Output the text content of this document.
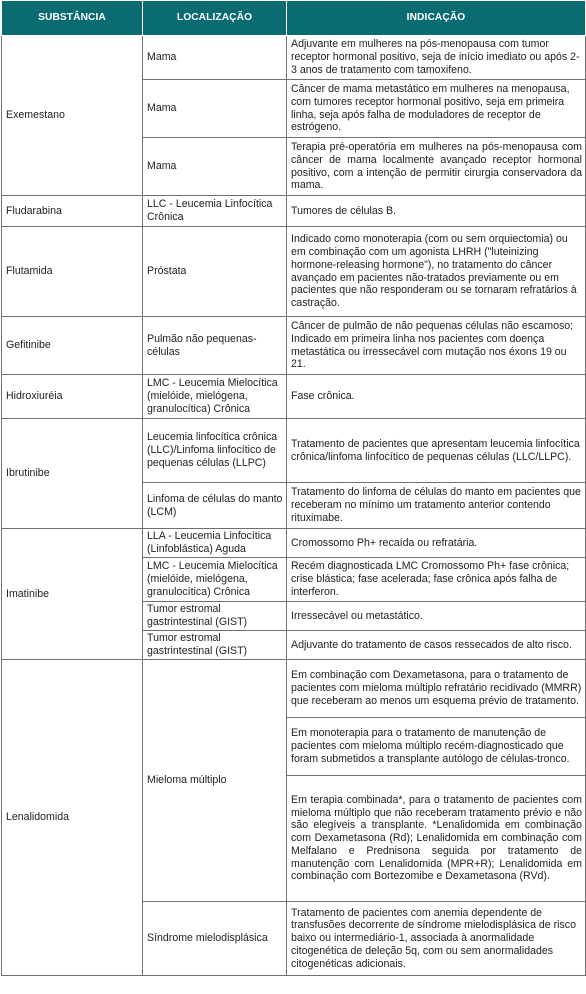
SUBSTÂNCIA	LOCALIZAÇÃO	INDICAÇÃO
Exemestano	Mama	Adjuvante em mulheres na pós-menopausa com tumor receptor hormonal positivo, seja de início imediato ou após 2-3 anos de tratamento com tamoxifeno.
	Mama	Câncer de mama metastático em mulheres na menopausa, com tumores receptor hormonal positivo, seja em primeira linha, seja após falha de moduladores de receptor de estrógeno.
	Mama	Terapia pré-operatória em mulheres na pós-menopausa com câncer de mama localmente avançado receptor hormonal positivo, com a intenção de permitir cirurgia conservadora da mama.
Fludarabina	LLC - Leucemia Linfocítica Crônica	Tumores de células B.
Flutamida	Próstata	Indicado como monoterapia (com ou sem orquiectomia) ou em combinação com um agonista LHRH ("luteinizing hormone-releasing hormone"), no tratamento do câncer avançado em pacientes não-tratados previamente ou em pacientes que não responderam ou se tornaram refratários à castração.
Gefitinibe	Pulmão não pequenas-células	Câncer de pulmão de não pequenas células não escamoso; Indicado em primeira linha nos pacientes com doença metastática ou irressecável com mutação nos éxons 19 ou 21.
Hidroxiuréia	LMC - Leucemia Mielocítica (mielóide, mielógena, granulocítica) Crônica	Fase crônica.
Ibrutinibe	Leucemia linfocítica crônica (LLC)/Linfoma linfocítico de pequenas células (LLPC)	Tratamento de pacientes que apresentam leucemia linfocítica crônica/linfoma linfocítico de pequenas células (LLC/LLPC).
	Linfoma de células do manto (LCM)	Tratamento do linfoma de células do manto em pacientes que receberam no mínimo um tratamento anterior contendo rituximabe.
Imatinibe	LLA - Leucemia Linfocítica (Linfoblástica) Aguda	Cromossomo Ph+ recaída ou refratária.
	LMC - Leucemia Mielocítica (mielóide, mielógena, granulocítica) Crônica	Recém diagnosticada LMC Cromossomo Ph+ fase crônica; crise blástica; fase acelerada; fase crônica após falha de interferon.
	Tumor estromal gastrintestinal (GIST)	Irressecável ou metastático.
	Tumor estromal gastrintestinal (GIST)	Adjuvante do tratamento de casos ressecados de alto risco.
Lenalidomida	Mieloma múltiplo	Em combinação com Dexametasona, para o tratamento de pacientes com mieloma múltiplo refratário recidivado (MMRR) que receberam ao menos um esquema prévio de tratamento.
		Em monoterapia para o tratamento de manutenção de pacientes com mieloma múltiplo recém-diagnosticado que foram submetidos a transplante autólogo de células-tronco.
		Em terapia combinada*, para o tratamento de pacientes com mieloma múltiplo que não receberam tratamento prévio e não são elegíveis a transplante. *Lenalidomida em combinação com Dexametasona (Rd); Lenalidomida em combinação com Melfalano e Prednisona seguida por tratamento de manutenção com Lenalidomida (MPR+R); Lenalidomida em combinação com Bortezomibe e Dexametasona (RVd).
	Síndrome mielodisplásica	Tratamento de pacientes com anemia dependente de transfusões decorrente de síndrome mielodisplásica de risco baixo ou intermediário-1, associada à anormalidade citogenética de deleção 5q, com ou sem anormalidades citogenéticas adicionais.
